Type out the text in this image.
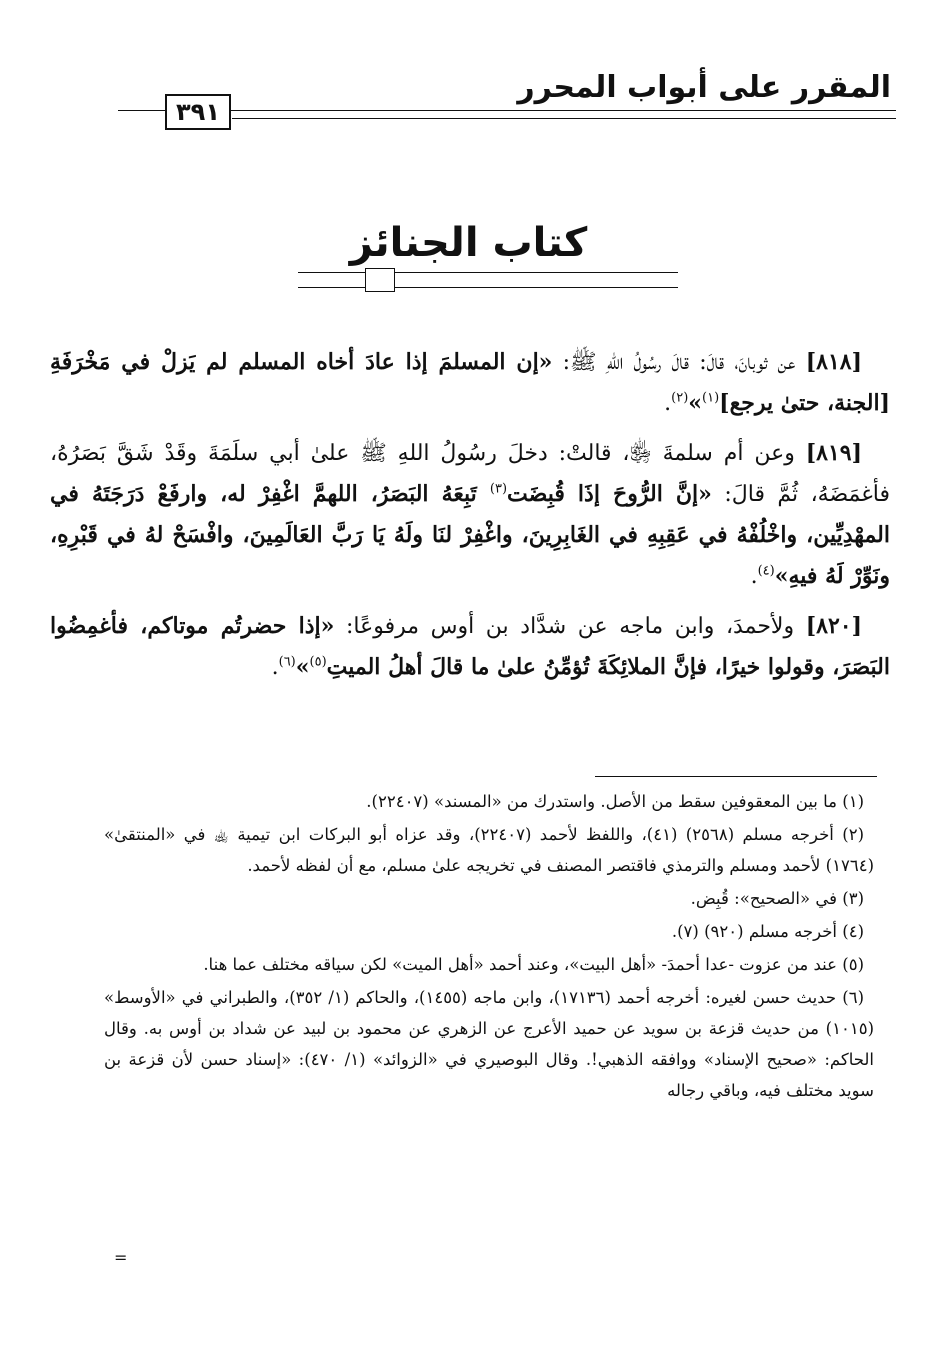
المقرر على أبواب المحرر
٣٩١
كتاب الجنائز

[٨١٨] عن ثوبانَ، قالَ: قالَ رسُولُ اللهِ ﷺ: «إن المسلمَ إذا عادَ أخاه المسلم لم يَزلْ في مَخْرَفَةِ [الجنة، حتىٰ يرجع]$^{(١)}$»$^{(٢)}$.

[٨١٩] وعن أم سلمةَ ﵂، قالتْ: دخلَ رسُولُ اللهِ ﷺ علىٰ أبي سلَمَةَ وقَدْ شَقَّ بَصَرُهُ، فأغمَضَهُ، ثُمَّ قالَ: «إنَّ الرُّوحَ إذَا قُبِضَت$^{(٣)}$ تَبِعَهُ البَصَرُ، اللهمَّ اغْفِرْ له، وارفَعْ دَرَجَتَهُ في المهْدِيِّين، واخْلُفْهُ في عَقِبِهِ في الغَابِرِينَ، واغْفِرْ لنَا ولَهُ يَا رَبَّ العَالَمِينَ، وافْسَحْ لهُ في قَبْرِهِ، ونَوِّرْ لَهُ فيهِ»$^{(٤)}$.

[٨٢٠] ولأحمدَ، وابن ماجه عن شدَّاد بن أوس مرفوعًا: «إذا حضرتُم موتاكم، فأغمِضُوا البَصَرَ، وقولوا خيرًا، فإنَّ الملائِكَةَ تُؤمِّنُ علىٰ ما قالَ أهلُ الميتِ$^{(٥)}$»$^{(٦)}$.

(١) ما بين المعقوفين سقط من الأصل. واستدرك من «المسند» (٢٢٤٠٧).

(٢) أخرجه مسلم (٢٥٦٨) (٤١)، واللفظ لأحمد (٢٢٤٠٧)، وقد عزاه أبو البركات ابن تيمية ﵀ في «المنتقىٰ» (١٧٦٤) لأحمد ومسلم والترمذي فاقتصر المصنف في تخريجه علىٰ مسلم، مع أن لفظه لأحمد.

(٣) في «الصحيح»: قُبِض.

(٤) أخرجه مسلم (٩٢٠) (٧).

(٥) عند من عزوت -عدا أحمدَ- «أهل البيت»، وعند أحمد «أهل الميت» لكن سياقه مختلف عما هنا.

(٦) حديث حسن لغيره: أخرجه أحمد (١٧١٣٦)، وابن ماجه (١٤٥٥)، والحاكم (١/ ٣٥٢)، والطبراني في «الأوسط» (١٠١٥) من حديث قزعة بن سويد عن حميد الأعرج عن الزهري عن محمود بن لبيد عن شداد بن أوس به. وقال الحاكم: «صحيح الإسناد» ووافقه الذهبي!. وقال البوصيري في «الزوائد» (١/ ٤٧٠): «إسناد حسن لأن قزعة بن سويد مختلف فيه، وباقي رجاله

=
